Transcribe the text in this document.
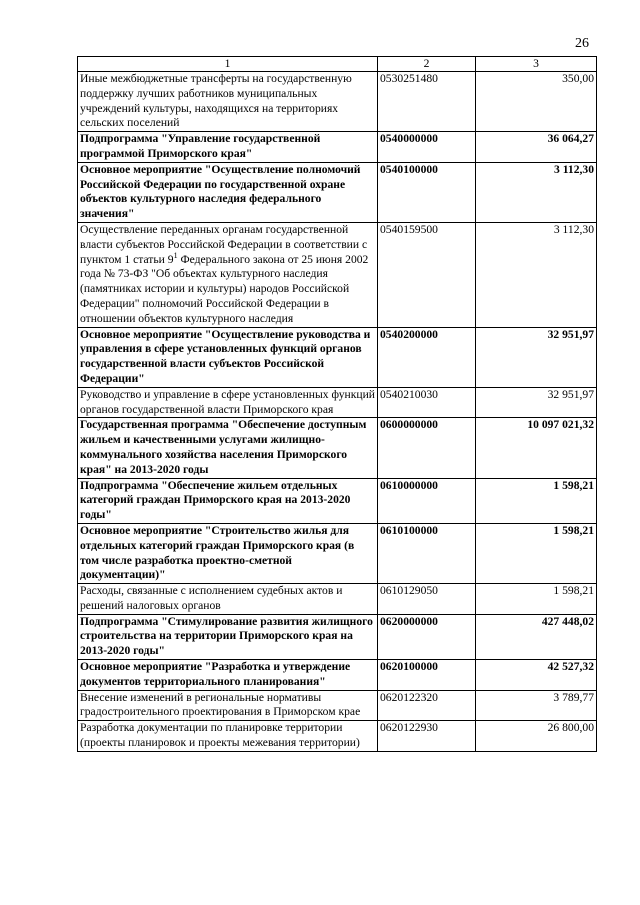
26
1	2	3
Иные межбюджетные трансферты на государственную поддержку лучших работников муниципальных учреждений культуры, находящихся на территориях сельских поселений	0530251480	350,00
Подпрограмма "Управление государственной программой Приморского края"	0540000000	36 064,27
Основное мероприятие "Осуществление полномочий Российской Федерации по государственной охране объектов культурного наследия федерального значения"	0540100000	3 112,30
Осуществление переданных органам государственной власти субъектов Российской Федерации в соответствии с пунктом 1 статьи $9^1$ Федерального закона от 25 июня 2002 года № 73-ФЗ "Об объектах культурного наследия (памятниках истории и культуры) народов Российской Федерации" полномочий Российской Федерации в отношении объектов культурного наследия	0540159500	3 112,30
Основное мероприятие "Осуществление руководства и управления в сфере установленных функций органов государственной власти субъектов Российской Федерации"	0540200000	32 951,97
Руководство и управление в сфере установленных функций органов государственной власти Приморского края	0540210030	32 951,97
Государственная программа "Обеспечение доступным жильем и качественными услугами жилищно-коммунального хозяйства населения Приморского края" на 2013-2020 годы	0600000000	10 097 021,32
Подпрограмма "Обеспечение жильем отдельных категорий граждан Приморского края на 2013-2020 годы"	0610000000	1 598,21
Основное мероприятие "Строительство жилья для отдельных категорий граждан Приморского края (в том числе разработка проектно-сметной документации)"	0610100000	1 598,21
Расходы, связанные с исполнением судебных актов и решений налоговых органов	0610129050	1 598,21
Подпрограмма "Стимулирование развития жилищного строительства на территории Приморского края на 2013-2020 годы"	0620000000	427 448,02
Основное мероприятие "Разработка и утверждение документов территориального планирования"	0620100000	42 527,32
Внесение изменений в региональные нормативы градостроительного проектирования в Приморском крае	0620122320	3 789,77
Разработка документации по планировке территории (проекты планировок и проекты межевания территории)	0620122930	26 800,00
